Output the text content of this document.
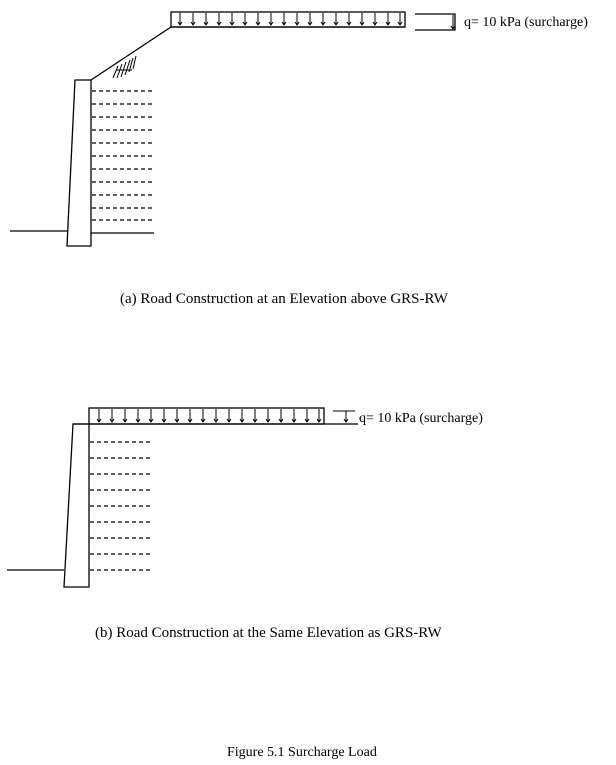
q= 10 kPa (surcharge)
(a) Road Construction at an Elevation above GRS-RW
q= 10 kPa (surcharge)
(b) Road Construction at the Same Elevation as GRS-RW
Figure 5.1 Surcharge Load
